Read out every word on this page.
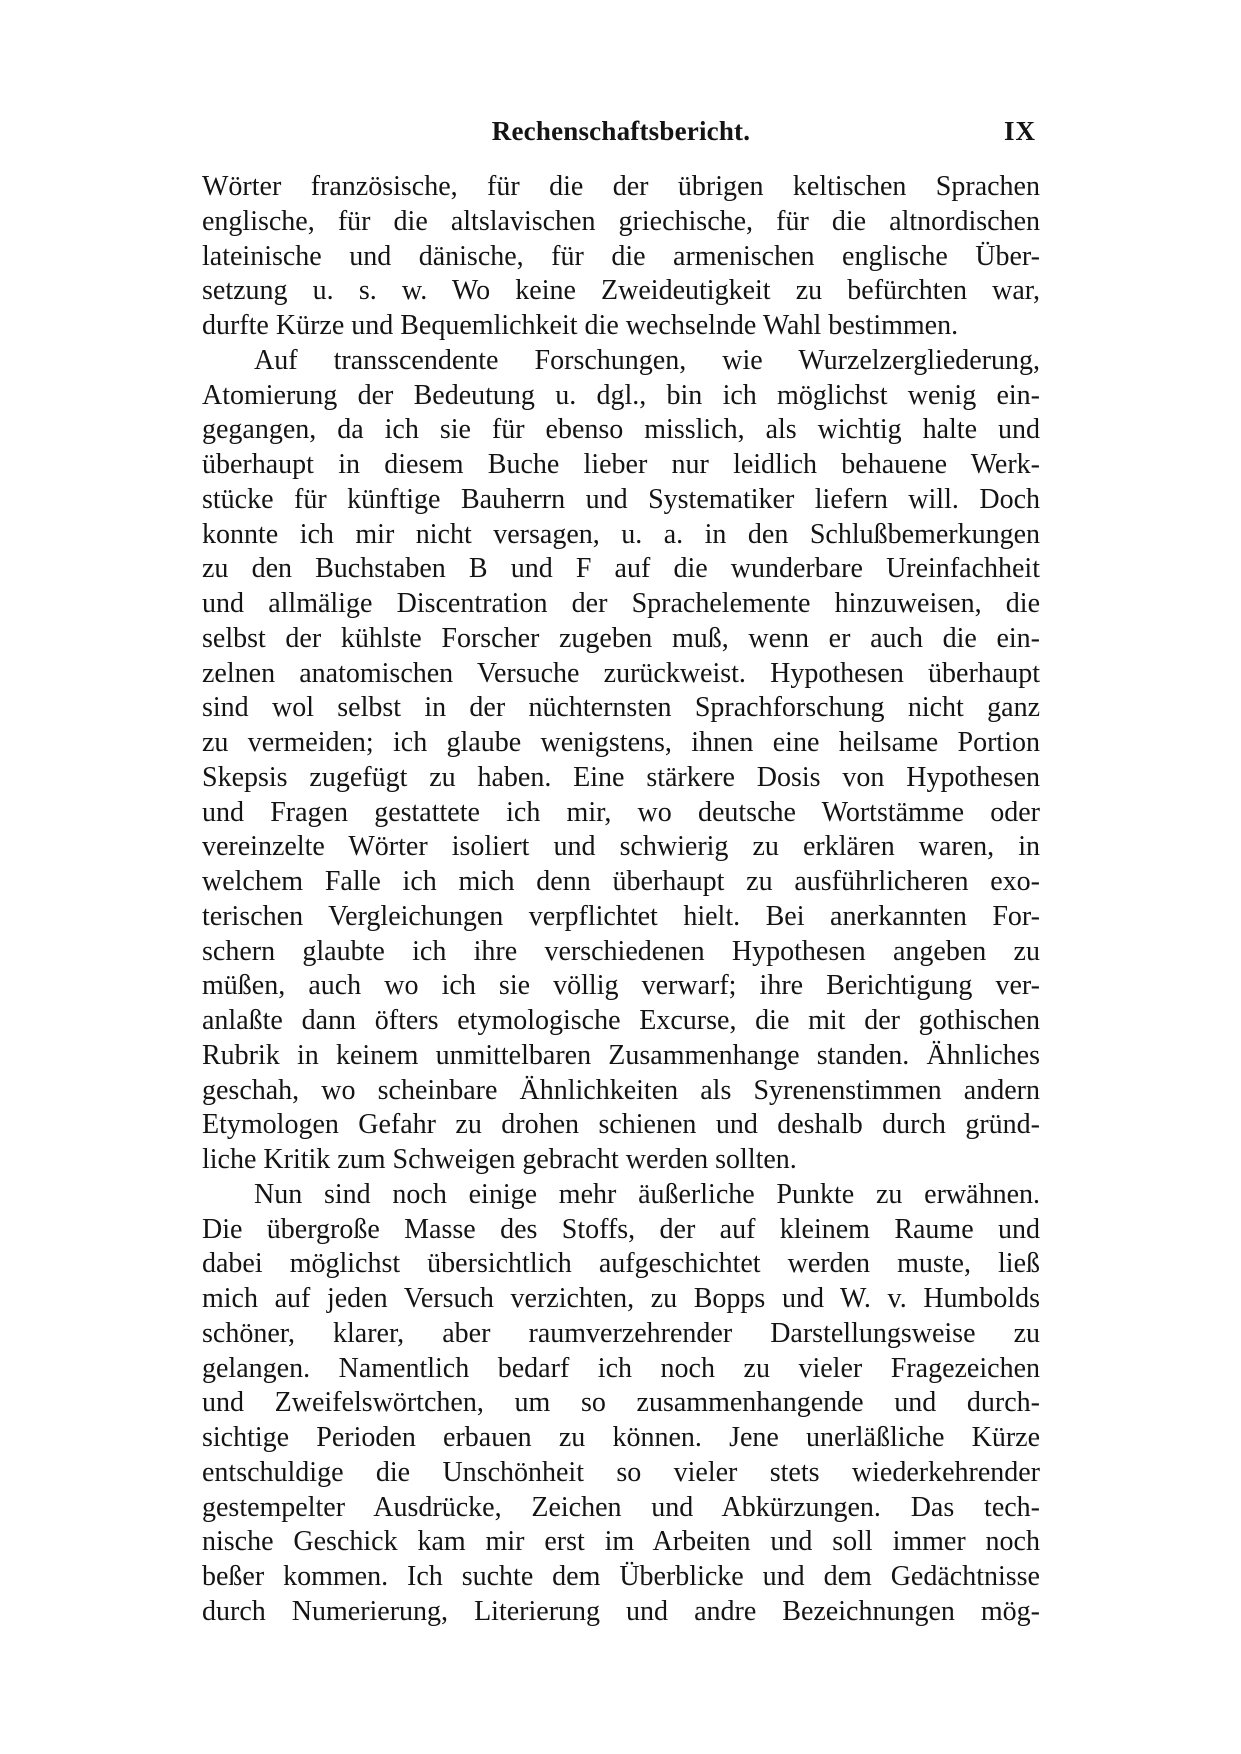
Rechenschaftsbericht.	IX
Wörter französische, für die der übrigen keltischen Sprachen
englische, für die altslavischen griechische, für die altnordischen
lateinische und dänische, für die armenischen englische Über-
setzung u. s. w. Wo keine Zweideutigkeit zu befürchten war,
durfte Kürze und Bequemlichkeit die wechselnde Wahl bestimmen.
Auf transscendente Forschungen, wie Wurzelzergliederung,
Atomierung der Bedeutung u. dgl., bin ich möglichst wenig ein-
gegangen, da ich sie für ebenso misslich, als wichtig halte und
überhaupt in diesem Buche lieber nur leidlich behauene Werk-
stücke für künftige Bauherrn und Systematiker liefern will. Doch
konnte ich mir nicht versagen, u. a. in den Schlußbemerkungen
zu den Buchstaben B und F auf die wunderbare Ureinfachheit
und allmälige Discentration der Sprachelemente hinzuweisen, die
selbst der kühlste Forscher zugeben muß, wenn er auch die ein-
zelnen anatomischen Versuche zurückweist. Hypothesen überhaupt
sind wol selbst in der nüchternsten Sprachforschung nicht ganz
zu vermeiden; ich glaube wenigstens, ihnen eine heilsame Portion
Skepsis zugefügt zu haben. Eine stärkere Dosis von Hypothesen
und Fragen gestattete ich mir, wo deutsche Wortstämme oder
vereinzelte Wörter isoliert und schwierig zu erklären waren, in
welchem Falle ich mich denn überhaupt zu ausführlicheren exo-
terischen Vergleichungen verpflichtet hielt. Bei anerkannten For-
schern glaubte ich ihre verschiedenen Hypothesen angeben zu
müßen, auch wo ich sie völlig verwarf; ihre Berichtigung ver-
anlaßte dann öfters etymologische Excurse, die mit der gothischen
Rubrik in keinem unmittelbaren Zusammenhange standen. Ähnliches
geschah, wo scheinbare Ähnlichkeiten als Syrenenstimmen andern
Etymologen Gefahr zu drohen schienen und deshalb durch gründ-
liche Kritik zum Schweigen gebracht werden sollten.
Nun sind noch einige mehr äußerliche Punkte zu erwähnen.
Die übergroße Masse des Stoffs, der auf kleinem Raume und
dabei möglichst übersichtlich aufgeschichtet werden muste, ließ
mich auf jeden Versuch verzichten, zu Bopps und W. v. Humbolds
schöner, klarer, aber raumverzehrender Darstellungsweise zu
gelangen. Namentlich bedarf ich noch zu vieler Fragezeichen
und Zweifelswörtchen, um so zusammenhangende und durch-
sichtige Perioden erbauen zu können. Jene unerläßliche Kürze
entschuldige die Unschönheit so vieler stets wiederkehrender
gestempelter Ausdrücke, Zeichen und Abkürzungen. Das tech-
nische Geschick kam mir erst im Arbeiten und soll immer noch
beßer kommen. Ich suchte dem Überblicke und dem Gedächtnisse
durch Numerierung, Literierung und andre Bezeichnungen mög-
